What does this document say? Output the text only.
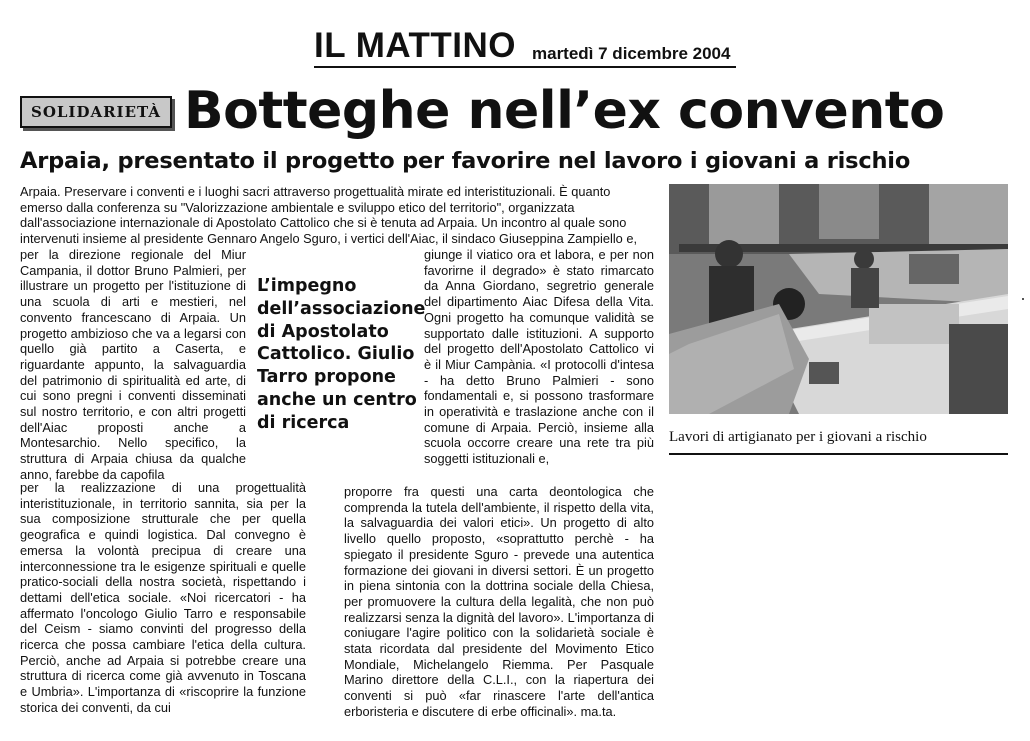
IL MATTINO martedì 7 dicembre 2004
SOLIDARIETÀ Botteghe nell’ex convento
Arpaia, presentato il progetto per favorire nel lavoro i giovani a rischio
Arpaia. Preservare i conventi e i luoghi sacri attraverso progettualità mirate ed interistituzionali. È quanto emerso dalla conferenza su "Valorizzazione ambientale e sviluppo etico del territorio", organizzata dall'associazione internazionale di Apostolato Cattolico che si è tenuta ad Arpaia. Un incontro al quale sono intervenuti insieme al presidente Gennaro Angelo Sguro, i vertici dell'Aiac, il sindaco Giuseppina Zampiello e,
per la direzione regionale del Miur Campania, il dottor Bruno Palmieri, per illustrare un progetto per l'istituzione di una scuola di arti e mestieri, nel convento francescano di Arpaia. Un progetto ambizioso che va a legarsi con quello già partito a Caserta, e riguardante appunto, la salvaguardia del patrimonio di spiritualità ed arte, di cui sono pregni i conventi disseminati sul nostro territorio, e con altri progetti dell'Aiac proposti anche a Montesarchio. Nello specifico, la struttura di Arpaia chiusa da qualche anno, farebbe da capofila
L’impegno dell’associazione di Apostolato Cattolico. Giulio Tarro propone anche un centro di ricerca
giunge il viatico ora et labora, e per non favorirne il degrado» è stato rimarcato da Anna Giordano, segretrio generale del dipartimento Aiac Difesa della Vita. Ogni progetto ha comunque validità se supportato dalle istituzioni. A supporto del progetto dell'Apostolato Cattolico vi è il Miur Campània. «I protocolli d'intesa - ha detto Bruno Palmieri - sono fondamentali e, si possono trasformare in operatività e traslazione anche con il comune di Arpaia. Perciò, insieme alla scuola occorre creare una rete tra più soggetti istituzionali e,
per la realizzazione di una progettualità interistituzionale, in territorio sannita, sia per la sua composizione strutturale che per quella geografica e quindi logistica. Dal convegno è emersa la volontà precipua di creare una interconnessione tra le esigenze spirituali e quelle pratico-sociali della nostra società, rispettando i dettami dell'etica sociale. «Noi ricercatori - ha affermato l'oncologo Giulio Tarro e responsabile del Ceism - siamo convinti del progresso della ricerca che possa cambiare l'etica della cultura. Perciò, anche ad Arpaia si potrebbe creare una struttura di ricerca come già avvenuto in Toscana e Umbria». L'importanza di «riscoprire la funzione storica dei conventi, da cui
proporre fra questi una carta deontologica che comprenda la tutela dell'ambiente, il rispetto della vita, la salvaguardia dei valori etici». Un progetto di alto livello quello proposto, «soprattutto perchè - ha spiegato il presidente Sguro - prevede una autentica formazione dei giovani in diversi settori. È un progetto in piena sintonia con la dottrina sociale della Chiesa, per promuovere la cultura della legalità, che non può realizzarsi senza la dignità del lavoro». L'importanza di coniugare l'agire politico con la solidarietà sociale è stata ricordata dal presidente del Movimento Etico Mondiale, Michelangelo Riemma. Per Pasquale Marino direttore della C.L.I., con la riapertura dei conventi si può «far rinascere l'arte dell'antica erboristeria e discutere di erbe officinali». ma.ta.
Lavori di artigianato per i giovani a rischio
